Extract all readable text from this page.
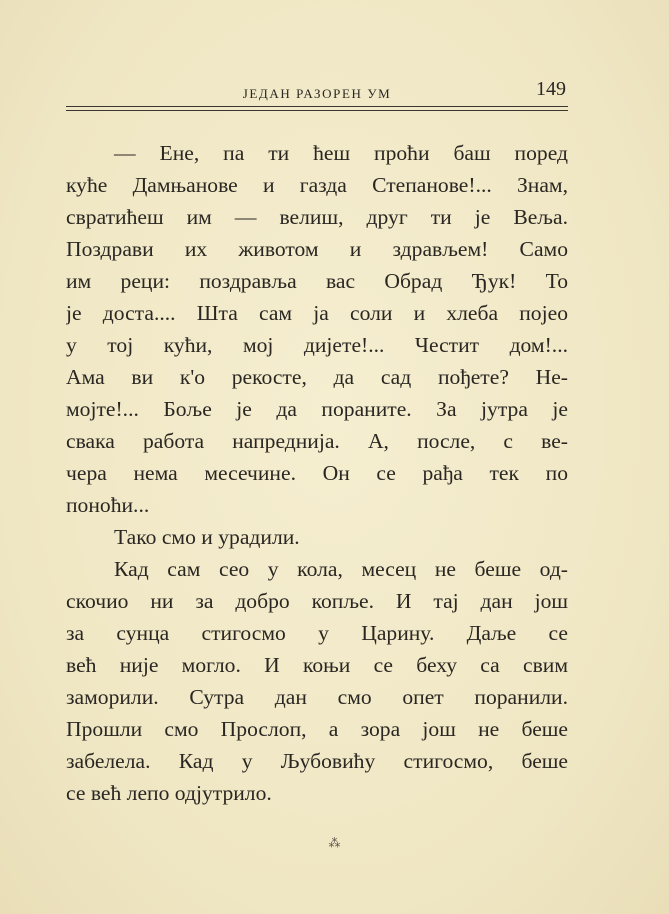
ЈЕДАН РАЗОРЕН УМ	149
— Ене, па ти ћеш проћи баш поред
куће Дамњанове и газда Степанове!... Знам,
свратићеш им — велиш, друг ти је Веља.
Поздрави их животом и здрављем! Само
им реци: поздравља вас Обрад Ђук! То
је доста.... Шта сам ја соли и хлеба појео
у тој кући, мој дијете!... Честит дом!...
Ама ви к'о рекосте, да сад пођете? Не-
мојте!... Боље је да пораните. За јутра је
свака работа напреднија. А, после, с ве-
чера нема месечине. Он се рађа тек по
поноћи...
Тако смо и урадили.
Кад сам сео у кола, месец не беше од-
скочио ни за добро копље. И тај дан још
за сунца стигосмо у Царину. Даље се
већ није могло. И коњи се беху са свим
заморили. Сутра дан смо опет поранили.
Прошли смо Прослоп, а зора још не беше
забелела. Кад у Љубовићу стигосмо, беше
се већ лепо одјутрило.
⁂
